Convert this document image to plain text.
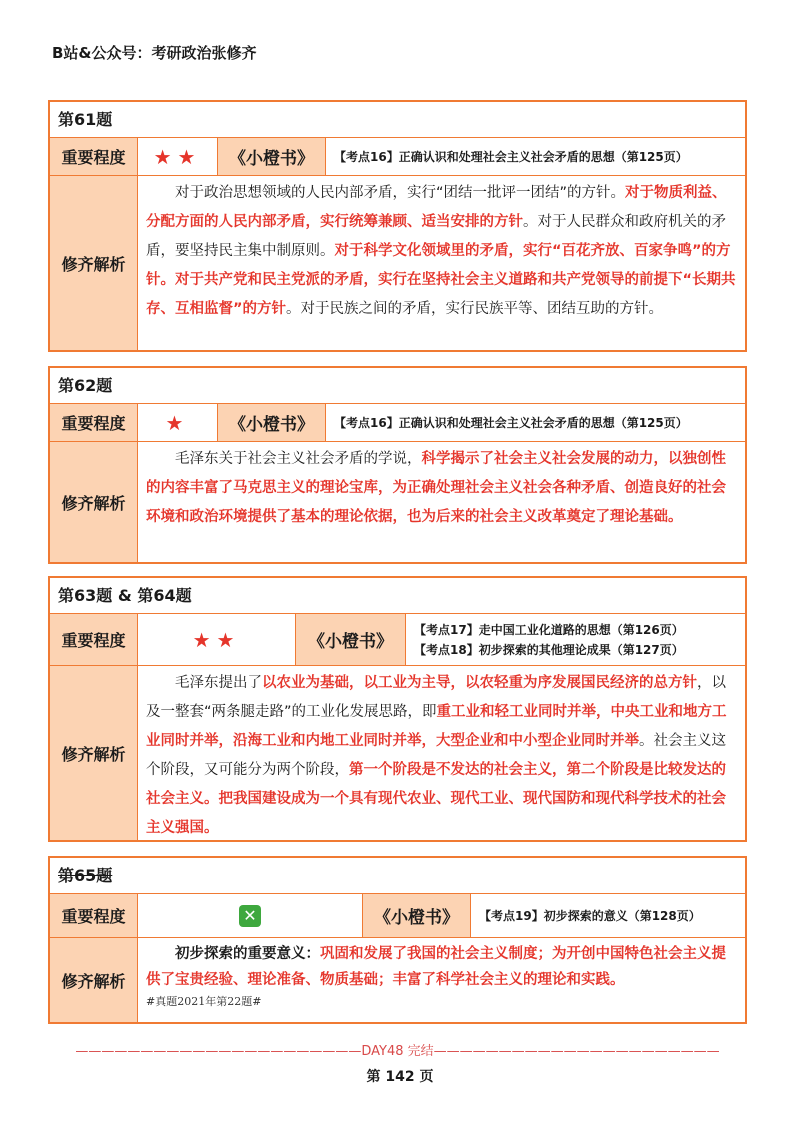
B站&公众号：考研政治张修齐
第61题
重要程度	★★	《小橙书》	【考点16】正确认识和处理社会主义社会矛盾的思想（第125页）
修齐解析
对于政治思想领域的人民内部矛盾，实行“团结一批评一团结”的方针。对于物质利益、分配方面的人民内部矛盾，实行统筹兼顾、适当安排的方针。对于人民群众和政府机关的矛盾，要坚持民主集中制原则。对于科学文化领域里的矛盾，实行“百花齐放、百家争鸣”的方针。对于共产党和民主党派的矛盾，实行在坚持社会主义道路和共产党领导的前提下“长期共存、互相监督”的方针。对于民族之间的矛盾，实行民族平等、团结互助的方针。
第62题
重要程度	★	《小橙书》	【考点16】正确认识和处理社会主义社会矛盾的思想（第125页）
修齐解析
毛泽东关于社会主义社会矛盾的学说，科学揭示了社会主义社会发展的动力，以独创性的内容丰富了马克思主义的理论宝库，为正确处理社会主义社会各种矛盾、创造良好的社会环境和政治环境提供了基本的理论依据，也为后来的社会主义改革奠定了理论基础。
第63题 & 第64题
重要程度	★★	《小橙书》
【考点17】走中国工业化道路的思想（第126页）
【考点18】初步探索的其他理论成果（第127页）
修齐解析
毛泽东提出了以农业为基础，以工业为主导，以农轻重为序发展国民经济的总方针，以及一整套“两条腿走路”的工业化发展思路，即重工业和轻工业同时并举，中央工业和地方工业同时并举，沿海工业和内地工业同时并举，大型企业和中小型企业同时并举。社会主义这个阶段，又可能分为两个阶段，第一个阶段是不发达的社会主义，第二个阶段是比较发达的社会主义。把我国建设成为一个具有现代农业、现代工业、现代国防和现代科学技术的社会主义强国。
第65题
重要程度	✕	《小橙书》	【考点19】初步探索的意义（第128页）
修齐解析
初步探索的重要意义：巩固和发展了我国的社会主义制度；为开创中国特色社会主义提供了宝贵经验、理论准备、物质基础；丰富了科学社会主义的理论和实践。
#真题2021年第22题#
——————————————————————DAY48 完结——————————————————————
第 142 页
